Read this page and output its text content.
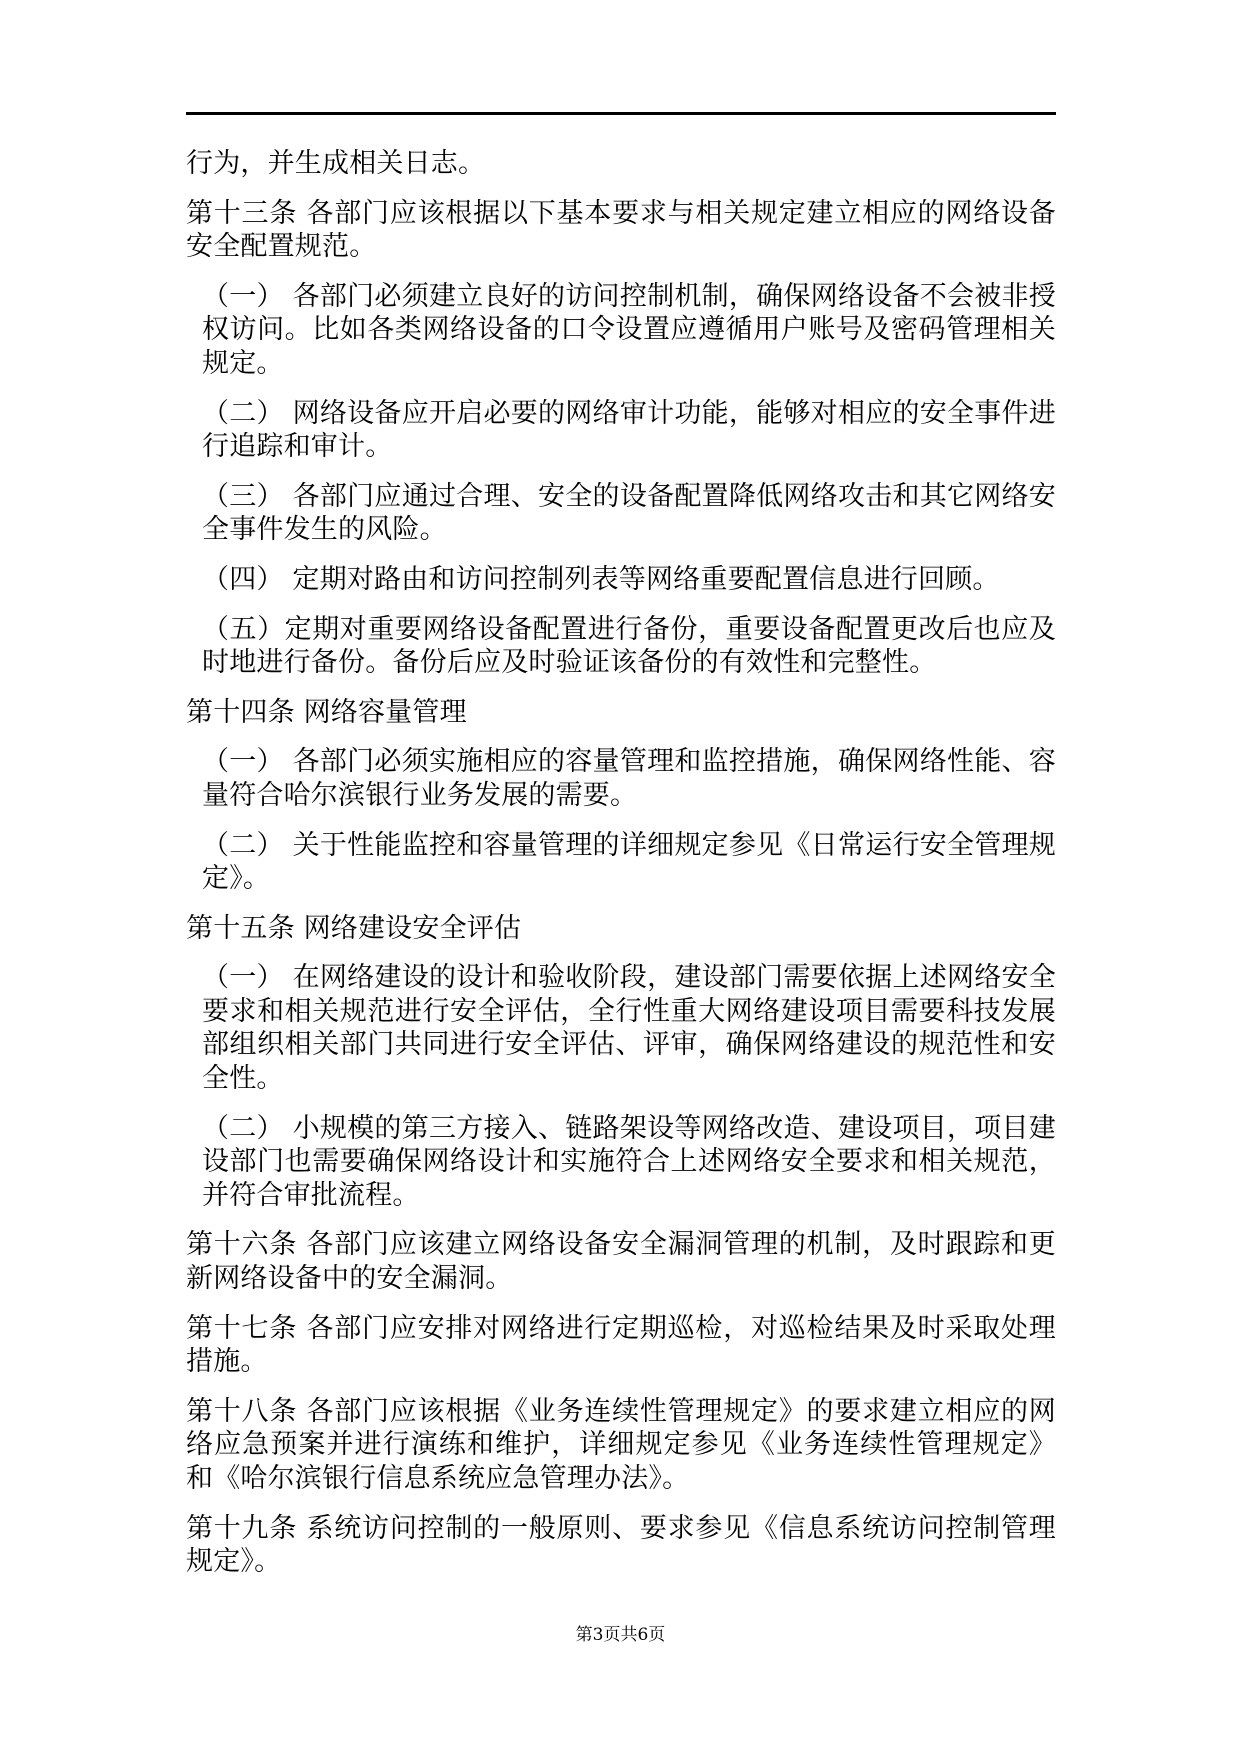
行为，并生成相关日志。

第十三条 各部门应该根据以下基本要求与相关规定建立相应的网络设备安全配置规范。

（一） 各部门必须建立良好的访问控制机制，确保网络设备不会被非授权访问。比如各类网络设备的口令设置应遵循用户账号及密码管理相关规定。

（二） 网络设备应开启必要的网络审计功能，能够对相应的安全事件进行追踪和审计。

（三） 各部门应通过合理、安全的设备配置降低网络攻击和其它网络安全事件发生的风险。

（四） 定期对路由和访问控制列表等网络重要配置信息进行回顾。

（五）定期对重要网络设备配置进行备份，重要设备配置更改后也应及时地进行备份。备份后应及时验证该备份的有效性和完整性。

第十四条 网络容量管理

（一） 各部门必须实施相应的容量管理和监控措施，确保网络性能、容量符合哈尔滨银行业务发展的需要。

（二） 关于性能监控和容量管理的详细规定参见《日常运行安全管理规定》。

第十五条 网络建设安全评估

（一） 在网络建设的设计和验收阶段，建设部门需要依据上述网络安全要求和相关规范进行安全评估，全行性重大网络建设项目需要科技发展部组织相关部门共同进行安全评估、评审，确保网络建设的规范性和安全性。

（二） 小规模的第三方接入、链路架设等网络改造、建设项目，项目建设部门也需要确保网络设计和实施符合上述网络安全要求和相关规范，并符合审批流程。

第十六条 各部门应该建立网络设备安全漏洞管理的机制，及时跟踪和更新网络设备中的安全漏洞。

第十七条 各部门应安排对网络进行定期巡检，对巡检结果及时采取处理措施。

第十八条 各部门应该根据《业务连续性管理规定》的要求建立相应的网络应急预案并进行演练和维护，详细规定参见《业务连续性管理规定》和《哈尔滨银行信息系统应急管理办法》。

第十九条 系统访问控制的一般原则、要求参见《信息系统访问控制管理规定》。

第3页共6页
